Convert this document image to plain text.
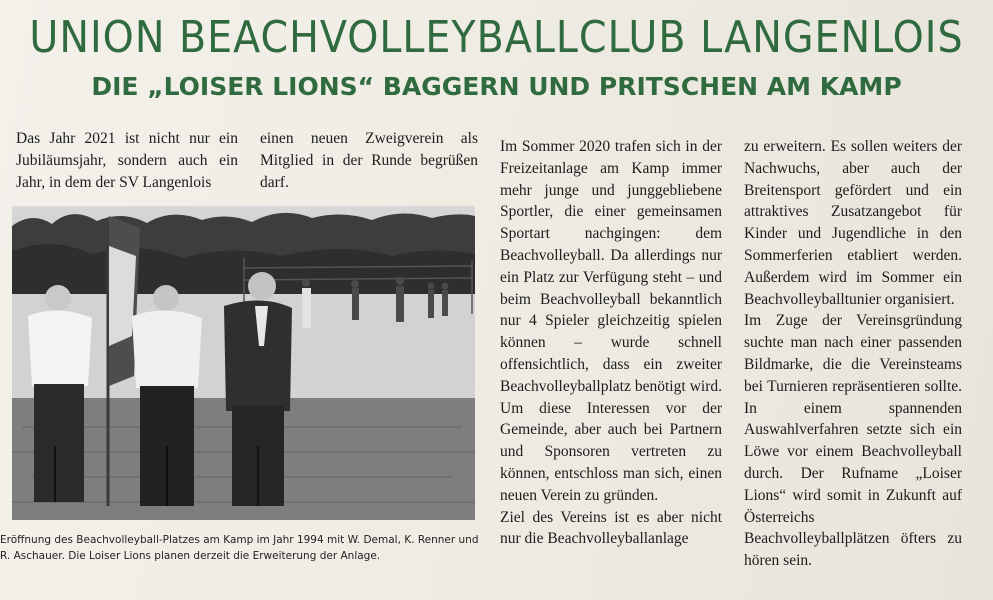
UNION BEACHVOLLEYBALLCLUB LANGENLOIS
DIE „LOISER LIONS“ BAGGERN UND PRITSCHEN AM KAMP

Das Jahr 2021 ist nicht nur ein Jubiläumsjahr, sondern auch ein Jahr, in dem der SV Langenlois

einen neuen Zweigverein als Mitglied in der Runde begrüßen darf.

Eröffnung des Beachvolleyball-Platzes am Kamp im Jahr 1994 mit W. Demal, K. Renner und R. Aschauer. Die Loiser Lions planen derzeit die Erweiterung der Anlage.

Im Sommer 2020 trafen sich in der Freizeitanlage am Kamp immer mehr junge und junggebliebene Sportler, die einer gemeinsamen Sportart nachgingen: dem Beachvolleyball. Da allerdings nur ein Platz zur Verfügung steht – und beim Beachvolleyball bekanntlich nur 4 Spieler gleichzeitig spielen können – wurde schnell offensichtlich, dass ein zweiter Beachvolleyballplatz benötigt wird. Um diese Interessen vor der Gemeinde, aber auch bei Partnern und Sponsoren vertreten zu können, entschloss man sich, einen neuen Verein zu gründen.

Ziel des Vereins ist es aber nicht nur die Beachvolleyballanlage

zu erweitern. Es sollen weiters der Nachwuchs, aber auch der Breitensport gefördert und ein attraktives Zusatzangebot für Kinder und Jugendliche in den Sommerferien etabliert werden. Außerdem wird im Sommer ein Beachvolleyballtunier organisiert.

Im Zuge der Vereinsgründung suchte man nach einer passenden Bildmarke, die die Vereinsteams bei Turnieren repräsentieren sollte. In einem spannenden Auswahlverfahren setzte sich ein Löwe vor einem Beachvolleyball durch. Der Rufname „Loiser Lions“ wird somit in Zukunft auf Österreichs Beachvolleyballplätzen öfters zu hören sein.
